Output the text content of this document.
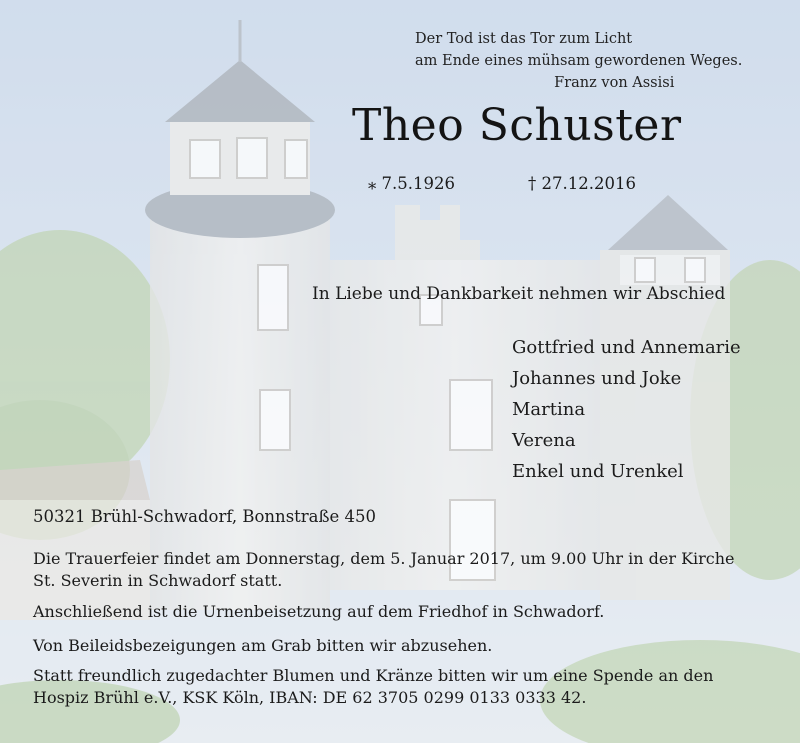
Der Tod ist das Tor zum Licht
am Ende eines mühsam gewordenen Weges.
Franz von Assisi
Theo Schuster
⁎ 7.5.1926	† 27.12.2016
In Liebe und Dankbarkeit nehmen wir Abschied
Gottfried und Annemarie
Johannes und Joke
Martina
Verena
Enkel und Urenkel
50321 Brühl-Schwadorf, Bonnstraße 450
Die Trauerfeier findet am Donnerstag, dem 5. Januar 2017, um 9.00 Uhr in der Kirche
St. Severin in Schwadorf statt.
Anschließend ist die Urnenbeisetzung auf dem Friedhof in Schwadorf.
Von Beileidsbezeigungen am Grab bitten wir abzusehen.
Statt freundlich zugedachter Blumen und Kränze bitten wir um eine Spende an den
Hospiz Brühl e.V., KSK Köln, IBAN: DE 62 3705 0299 0133 0333 42.
